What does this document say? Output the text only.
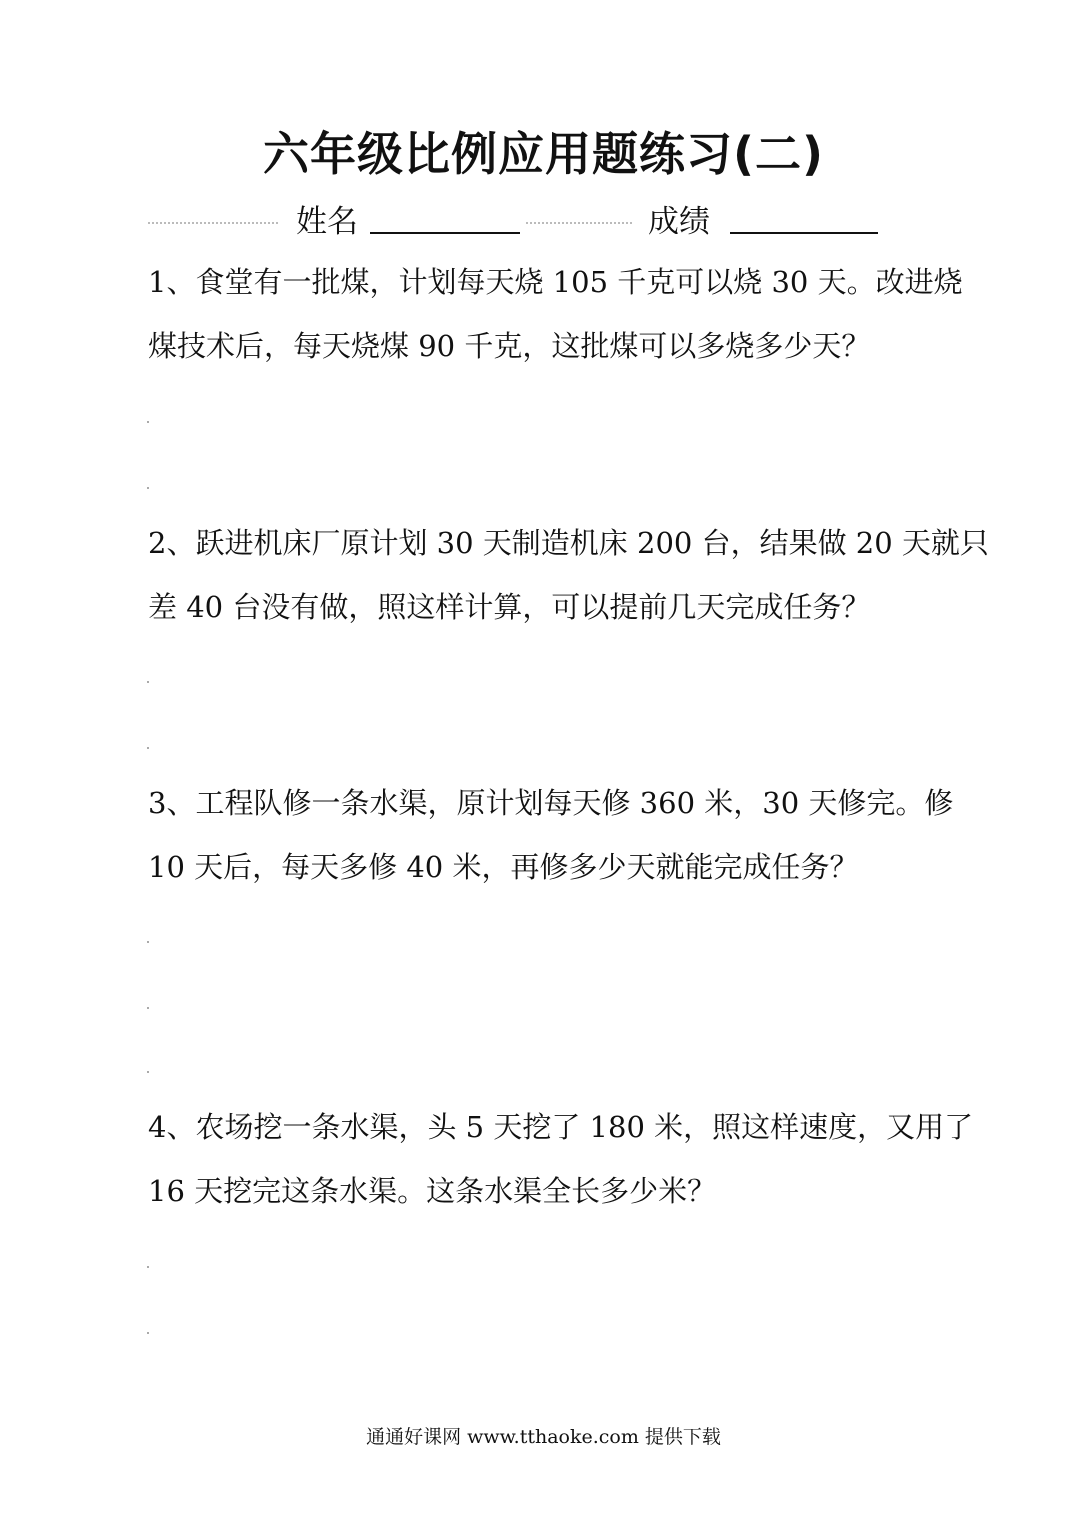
六年级比例应用题练习(二)
姓名	成绩
1、食堂有一批煤，计划每天烧 105 千克可以烧 30 天。改进烧
煤技术后，每天烧煤 90 千克，这批煤可以多烧多少天？
2、跃进机床厂原计划 30 天制造机床 200 台，结果做 20 天就只
差 40 台没有做，照这样计算，可以提前几天完成任务？
3、工程队修一条水渠，原计划每天修 360 米，30 天修完。修
10 天后，每天多修 40 米，再修多少天就能完成任务？
4、农场挖一条水渠，头 5 天挖了 180 米，照这样速度，又用了
16 天挖完这条水渠。这条水渠全长多少米？
通通好课网 www.tthaoke.com 提供下载
